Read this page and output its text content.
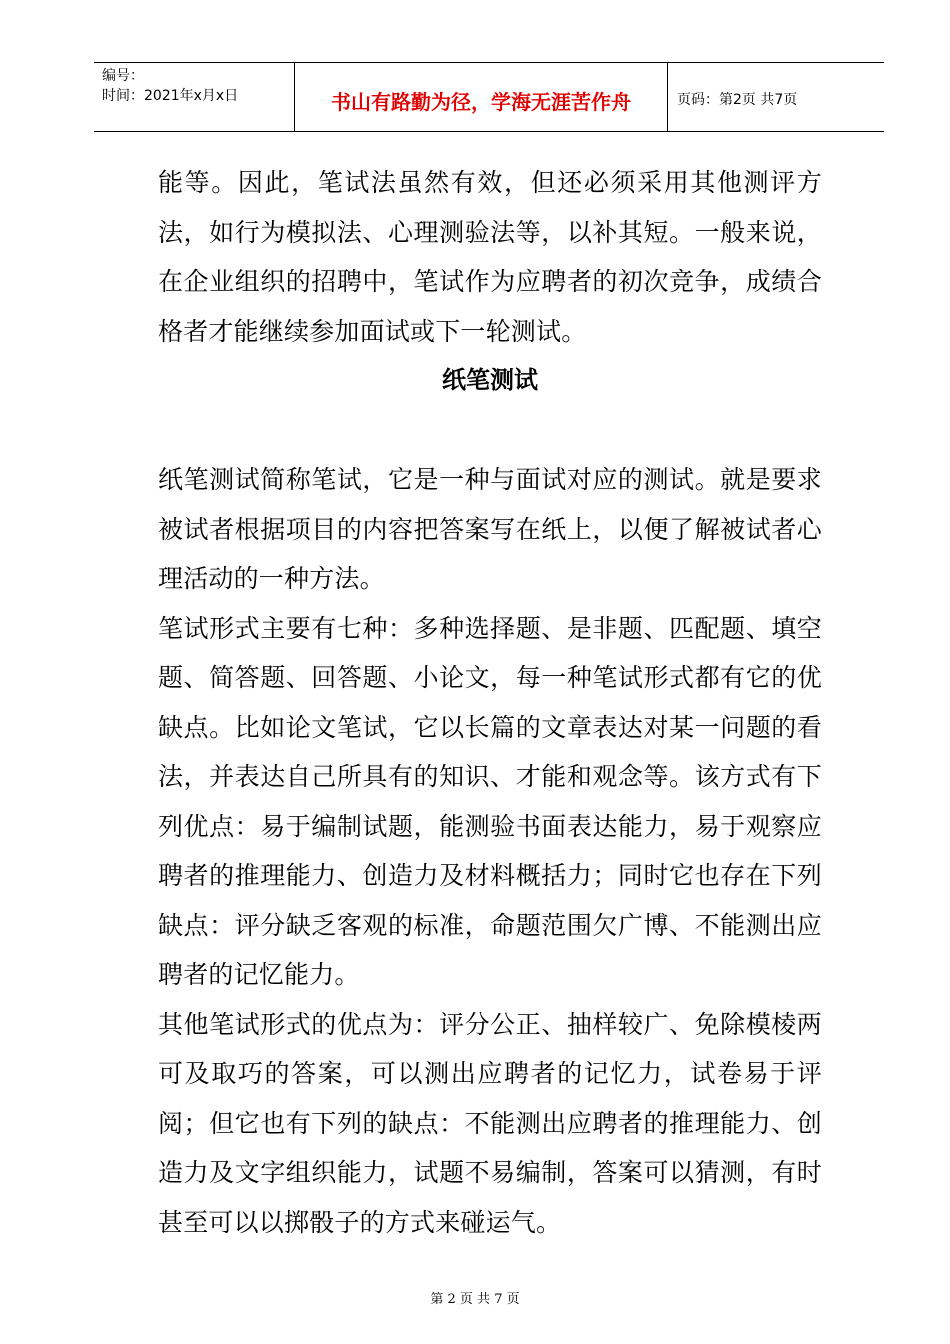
编号：
时间：2021年x月x日	书山有路勤为径，学海无涯苦作舟	页码：第2页 共7页

能等。因此，笔试法虽然有效，但还必须采用其他测评方法，如行为模拟法、心理测验法等，以补其短。一般来说，在企业组织的招聘中，笔试作为应聘者的初次竞争，成绩合格者才能继续参加面试或下一轮测试。

纸笔测试

纸笔测试简称笔试，它是一种与面试对应的测试。就是要求被试者根据项目的内容把答案写在纸上，以便了解被试者心理活动的一种方法。

笔试形式主要有七种：多种选择题、是非题、匹配题、填空题、简答题、回答题、小论文，每一种笔试形式都有它的优缺点。比如论文笔试，它以长篇的文章表达对某一问题的看法，并表达自己所具有的知识、才能和观念等。该方式有下列优点：易于编制试题，能测验书面表达能力，易于观察应聘者的推理能力、创造力及材料概括力；同时它也存在下列缺点：评分缺乏客观的标准，命题范围欠广博、不能测出应聘者的记忆能力。

其他笔试形式的优点为：评分公正、抽样较广、免除模棱两可及取巧的答案，可以测出应聘者的记忆力，试卷易于评阅；但它也有下列的缺点：不能测出应聘者的推理能力、创造力及文字组织能力，试题不易编制，答案可以猜测，有时甚至可以以掷骰子的方式来碰运气。

第 2 页 共 7 页
